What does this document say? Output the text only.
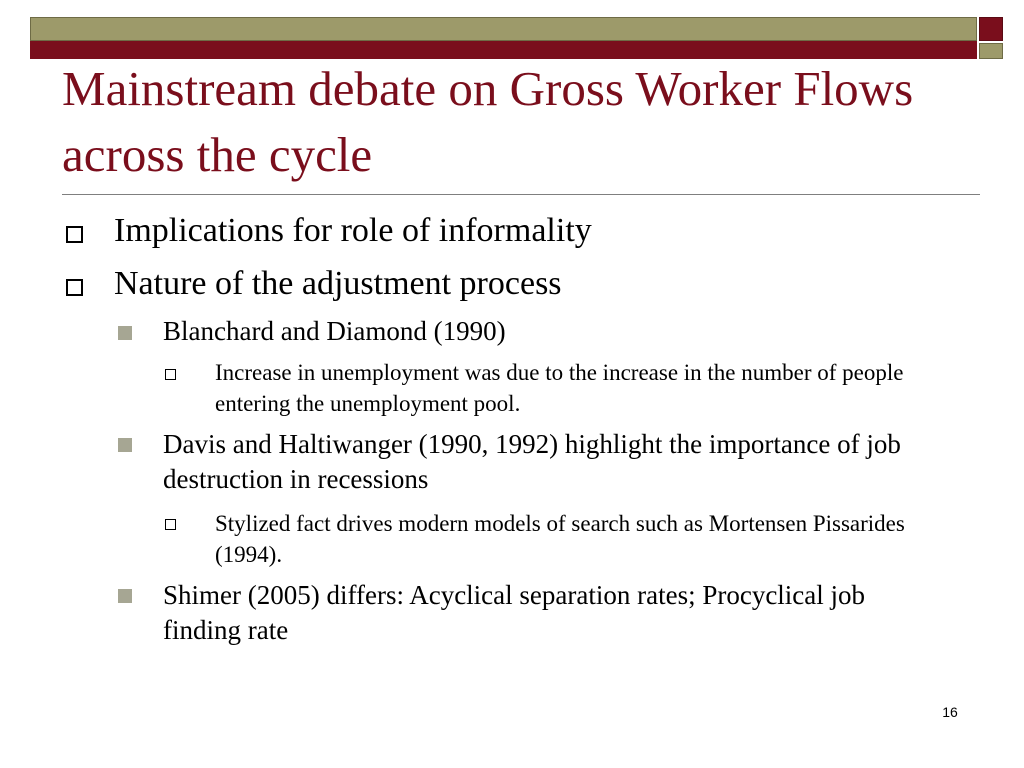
Mainstream debate on Gross Worker Flows across the cycle
Implications for role of informality
Nature of the adjustment process
Blanchard and Diamond (1990)
Increase in unemployment was due to the increase in the number of people entering the unemployment pool.
Davis and Haltiwanger (1990, 1992) highlight the importance of job destruction in recessions
Stylized fact drives modern models of search such as Mortensen Pissarides (1994).
Shimer (2005) differs: Acyclical separation rates; Procyclical job finding rate
16
